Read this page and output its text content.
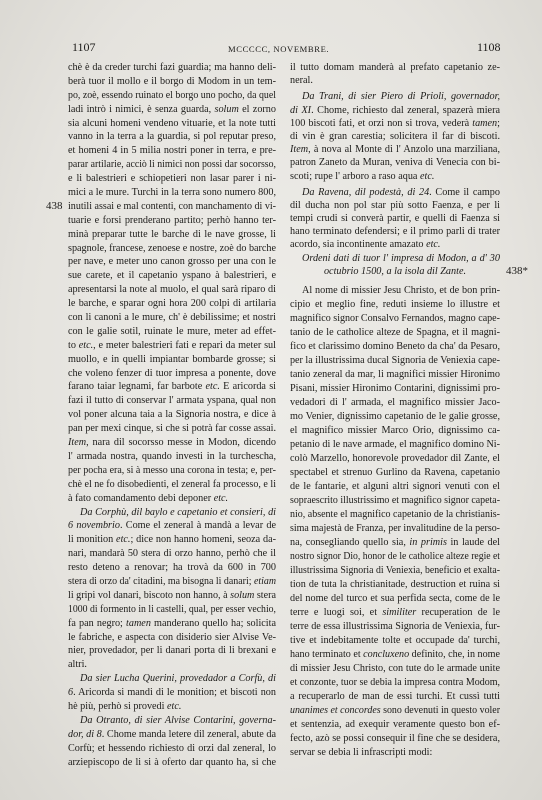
1107	MCCCCC, NOVEMBRE.	1108
438
438*
chè è da creder turchi fazi guardia; ma hanno deli-
berà tuor il mollo e il borgo di Modom in un tem-
po, zoè, essendo ruinato el borgo uno pocho, da quel
ladi intrò i nimici, è senza guarda, solum el zorno
sia alcuni homeni vendeno vituarie, et la note tutti
vanno in la terra a la guardia, si pol reputar preso,
et homeni 4 in 5 milia nostri poner in terra, e pre-
parar artilarie, acciò li nimici non possi dar socorsso,
e li balestrieri e schiopetieri non lasar parer i ni-
mici a le mure. Turchi in la terra sono numero 800,
inutili assai e mal contenti, con manchamento di vi-
tuarie e forsi prenderano partito; perhò hanno ter-
minà preparar tutte le barche di le nave grosse, li
spagnole, francese, zenoese e nostre, zoè do barche
per nave, e meter uno canon grosso per una con le
sue carete, et il capetanio yspano à balestrieri, e
apresentarsi la note al muolo, el qual sarà riparo di
le barche, e sparar ogni hora 200 colpi di artilaria
con li canoni a le mure, ch' è debilissime; et nostri
con le galie sotil, ruinate le mure, meter ad effet-
to etc., e meter balestrieri fati e repari da meter sul
muollo, e in quelli impiantar bombarde grosse; si
che voleno fenzer di tuor impresa a ponente, dove
farano taiar legnami, far barbote etc. E aricorda si
fazi il tutto di conservar l' armata yspana, qual non
vol poner alcuna taia a la Signoria nostra, e dice à
pan per mexi cinque, si che si potrà far cosse assai.
Item, nara dil socorsso messe in Modon, dicendo
l' armada nostra, quando investi in la turchescha,
per pocha era, si à messo una corona in testa; e, per-
chè el ne fo disobedienti, el zeneral fa processo, e li
à fato comandamento debi deponer etc.
Da Corphù, dil baylo e capetanio et consieri, di
6 novembrio. Come el zeneral à mandà a levar de
li monition etc.; dice non hanno homeni, seoza da-
nari, mandarà 50 stera di orzo hanno, perhò che il
resto deteno a renovar; ha trovà da 600 in 700
stera di orzo da' citadini, ma bisogna li danari; etiam
li gripi vol danari, biscoto non hanno, à solum stera
1000 di formento in li castelli, qual, per esser vechio,
fa pan negro; tamen manderano quello ha; solicita
le fabriche, e aspecta con disiderio sier Alvise Ve-
nier, provedador, per li danari porta di li brexani e
altri.
Da sier Lucha Querini, provedador a Corfù, di
6. Aricorda si mandi di le monition; et biscoti non
hè più, perhò si provedi etc.
Da Otranto, di sier Alvise Contarini, governa-
dor, di 8. Chome manda letere dil zeneral, abute da
Corfù; et hessendo richiesto di orzi dal zeneral, lo
arziepiscopo de li si à oferto dar quanto ha, si che
il tutto domam manderà al prefato capetanio ze-
neral.
Da Trani, di sier Piero di Prioli, governador,
di XI. Chome, richiesto dal zeneral, spazerà miera
100 biscoti fati, et orzi non si trova, vederà tamen;
di vin è gran carestia; solicitera il far di biscoti.
Item, à nova al Monte di l' Anzolo una marziliana,
patron Zaneto da Muran, veniva di Venecia con bi-
scoti; rupe l' arboro a raso aqua etc.
Da Ravena, dil podestà, di 24. Come il campo
dil ducha non pol star più sotto Faenza, e per li
tempi crudi si converà partir, e quelli di Faenza si
hano terminato defendersi; e il primo parli di trater
acordo, sia incontinente amazato etc.
Ordeni dati di tuor l' impresa di Modon, a d' 30
octubrio 1500, a la isola dil Zante.
Al nome di missier Jesu Christo, et de bon prin-
cipio et meglio fine, reduti insieme lo illustre et
magnifico signor Consalvo Fernandos, magno cape-
tanio de le catholice alteze de Spagna, et il magni-
fico et clarissimo domino Beneto da cha' da Pesaro,
per la illustrissima ducal Signoria de Veniexia cape-
tanio zeneral da mar, li magnifici missier Hironimo
Pisani, missier Hironimo Contarini, dignissimi pro-
vedadori di l' armada, el magnifico missier Jaco-
mo Venier, dignissimo capetanio de le galie grosse,
el magnifico missier Marco Orio, dignissimo ca-
petanio di le nave armade, el magnifico domino Ni-
colò Marzello, honorevole provedador dil Zante, el
spectabel et strenuo Gurlino da Ravena, capetanio
de le fantarie, et alguni altri signori venuti con el
sopraescrito illustrissimo et magnifico signor capeta-
nio, absente el magnifico capetanio de la christianis-
sima majestà de Franza, per invalitudine de la perso-
na, consegliando quello sia, in primis in laude del
nostro signor Dio, honor de le catholice alteze regie et
illustrissima Signoria di Veniexia, beneficio et exalta-
tion de tuta la christianitade, destruction et ruina si
del nome del turco et sua perfida secta, come de le
terre e luogi soi, et similiter recuperation de le
terre de essa illustrissima Signoria de Veniexia, fur-
tive et indebitamente tolte et occupade da' turchi,
hano terminato et concluxeno definito, che, in nome
di missier Jesu Christo, con tute do le armade unite
et conzonte, tuor se debia la impresa contra Modom,
a recuperarlo de man de essi turchi. Et cussì tutti
unanimes et concordes sono devenuti in questo voler
et sentenzia, ad exequir veramente questo bon ef-
fecto, azò se possi consequir il fine che se desidera,
servar se debia li infrascripti modi:
